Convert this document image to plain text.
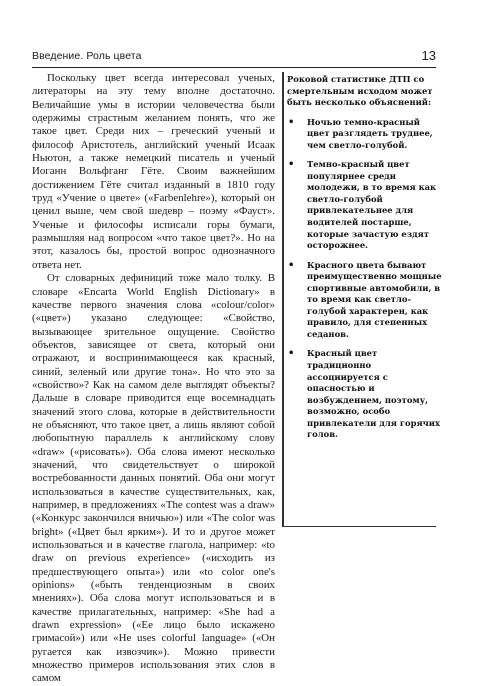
Введение. Роль цвета	13

Поскольку цвет всегда интересовал ученых, литераторы на эту тему вполне достаточно. Величайшие умы в истории человечества были одержимы страстным желанием понять, что же такое цвет. Среди них – греческий ученый и философ Аристотель, английский ученый Исаак Ньютон, а также немецкий писатель и ученый Иоганн Вольфганг Гёте. Своим важнейшим достижением Гёте считал изданный в 1810 году труд «Учение о цвете» («Farbenlehre»), который он ценил выше, чем свой шедевр – поэму «Фауст». Ученые и философы исписали горы бумаги, размышляя над вопросом «что такое цвет?». Но на этот, казалось бы, простой вопрос однозначного ответа нет.

От словарных дефиниций тоже мало толку. В словаре «Encarta World English Dictionary» в качестве первого значения слова «colour/color» («цвет») указано следующее: «Свойство, вызывающее зрительное ощущение. Свойство объектов, зависящее от света, который они отражают, и воспринимающееся как красный, синий, зеленый или другие тона». Но что это за «свойство»? Как на самом деле выглядят объекты? Дальше в словаре приводится еще восемнадцать значений этого слова, которые в действительности не объясняют, что такое цвет, а лишь являют собой любопытную параллель к английскому слову «draw» («рисовать»). Оба слова имеют несколько значений, что свидетельствует о широкой востребованности данных понятий. Оба они могут использоваться в качестве существительных, как, например, в предложениях «The contest was a draw» («Конкурс закончился вничью») или «The color was bright» («Цвет был ярким»). И то и другое может использоваться и в качестве глагола, например: «to draw on previous experience» («исходить из предшествующего опыта») или «to color one's opinions» («быть тенденциозным в своих мнениях»). Оба слова могут использоваться и в качестве прилагательных, например: «She had a drawn expression» («Ее лицо было искажено гримасой») или «He uses colorful language» («Он ругается как извозчик»). Можно привести множество примеров использования этих слов в самом

Роковой статистике ДТП со смертельным исходом может быть несколько объяснений:

• Ночью темно-красный цвет разглядеть труднее, чем светло-голубой.
• Темно-красный цвет популярнее среди молодежи, в то время как светло-голубой привлекательнее для водителей постарше, которые зачастую ездят осторожнее.
• Красного цвета бывают преимущественно мощные спортивные автомобили, в то время как светло-голубой характерен, как правило, для степенных седанов.
• Красный цвет традиционно ассоциируется с опасностью и возбуждением, поэтому, возможно, особо привлекатели для горячих голов.
